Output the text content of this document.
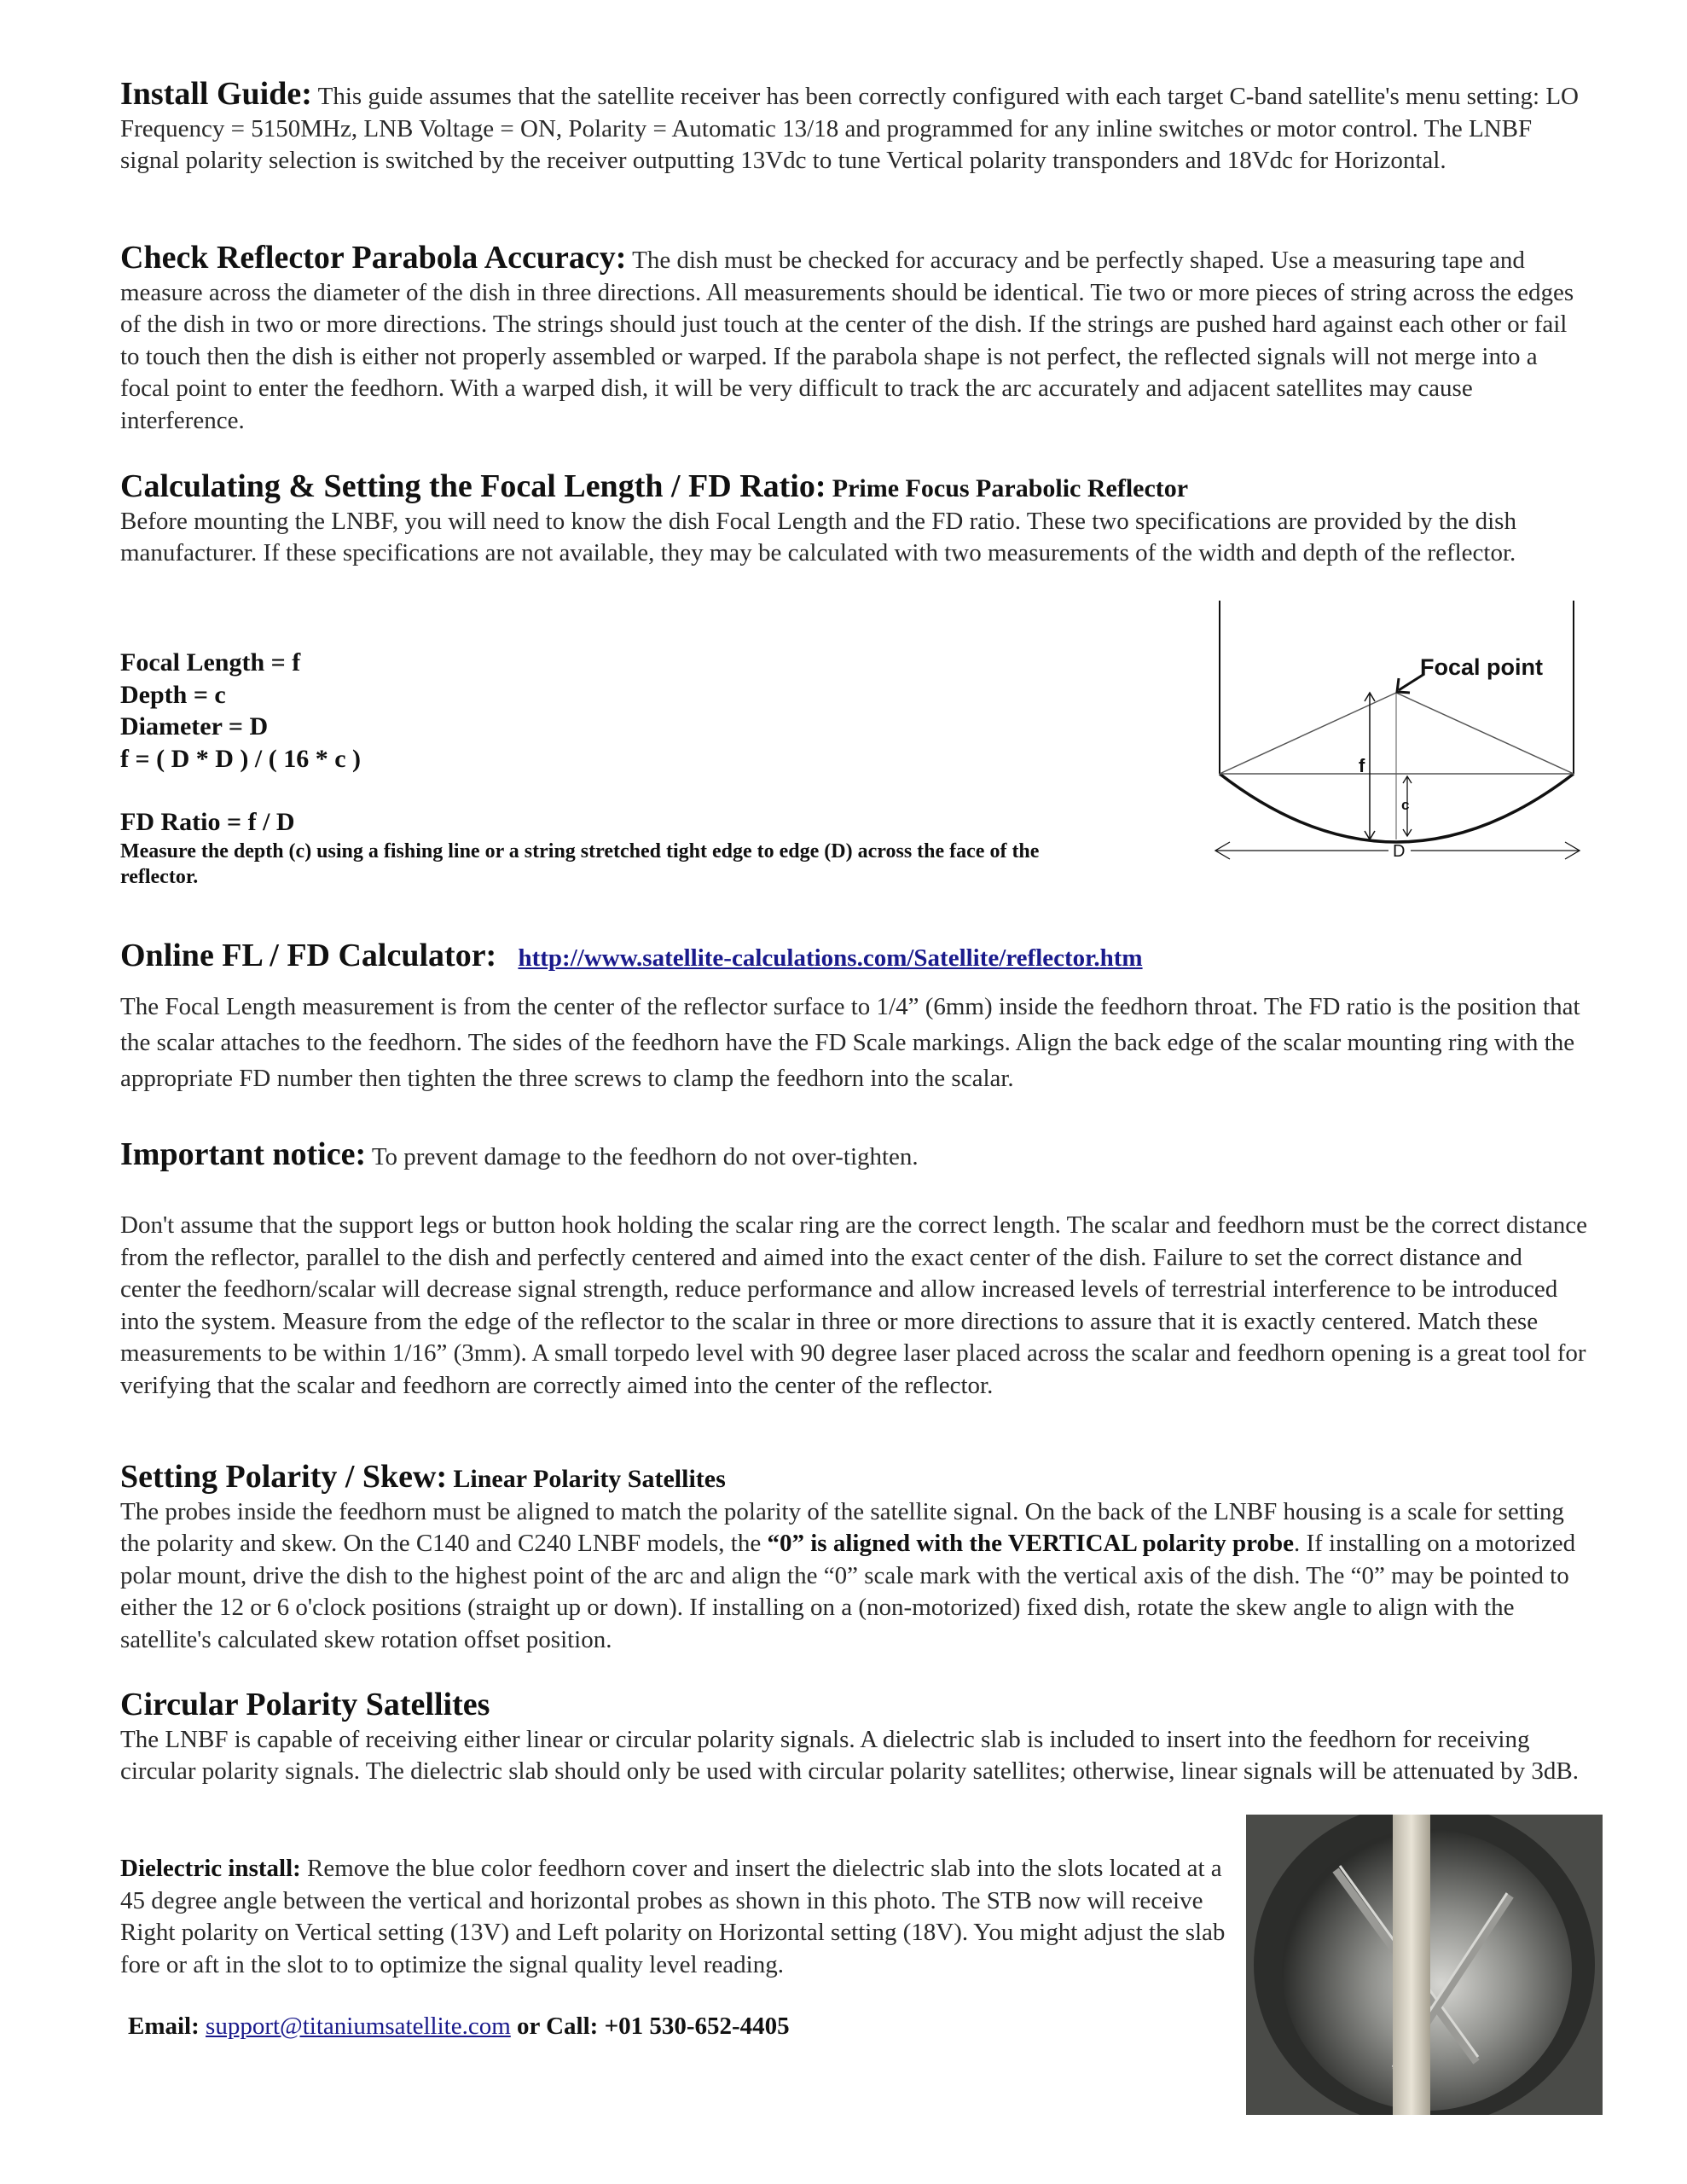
Install Guide: This guide assumes that the satellite receiver has been correctly configured with each target C-band satellite's menu setting: LO Frequency = 5150MHz, LNB Voltage = ON, Polarity = Automatic 13/18 and programmed for any inline switches or motor control. The LNBF signal polarity selection is switched by the receiver outputting 13Vdc to tune Vertical polarity transponders and 18Vdc for Horizontal.

Check Reflector Parabola Accuracy: The dish must be checked for accuracy and be perfectly shaped. Use a measuring tape and measure across the diameter of the dish in three directions. All measurements should be identical. Tie two or more pieces of string across the edges of the dish in two or more directions. The strings should just touch at the center of the dish. If the strings are pushed hard against each other or fail to touch then the dish is either not properly assembled or warped. If the parabola shape is not perfect, the reflected signals will not merge into a focal point to enter the feedhorn. With a warped dish, it will be very difficult to track the arc accurately and adjacent satellites may cause interference.

Calculating & Setting the Focal Length / FD Ratio: Prime Focus Parabolic Reflector

Before mounting the LNBF, you will need to know the dish Focal Length and the FD ratio. These two specifications are provided by the dish manufacturer. If these specifications are not available, they may be calculated with two measurements of the width and depth of the reflector.

Focal Length = f
Depth = c
Diameter = D
f = ( D * D ) / ( 16 * c )
FD Ratio = f / D
Measure the depth (c) using a fishing line or a string stretched tight edge to edge (D) across the face of the reflector.
f
c
D
Focal point
Online FL / FD Calculator: http://www.satellite-calculations.com/Satellite/reflector.htm

The Focal Length measurement is from the center of the reflector surface to 1/4” (6mm) inside the feedhorn throat. The FD ratio is the position that the scalar attaches to the feedhorn. The sides of the feedhorn have the FD Scale markings. Align the back edge of the scalar mounting ring with the appropriate FD number then tighten the three screws to clamp the feedhorn into the scalar.

Important notice: To prevent damage to the feedhorn do not over-tighten.

Don't assume that the support legs or button hook holding the scalar ring are the correct length. The scalar and feedhorn must be the correct distance from the reflector, parallel to the dish and perfectly centered and aimed into the exact center of the dish. Failure to set the correct distance and center the feedhorn/scalar will decrease signal strength, reduce performance and allow increased levels of terrestrial interference to be introduced into the system. Measure from the edge of the reflector to the scalar in three or more directions to assure that it is exactly centered. Match these measurements to be within 1/16” (3mm). A small torpedo level with 90 degree laser placed across the scalar and feedhorn opening is a great tool for verifying that the scalar and feedhorn are correctly aimed into the center of the reflector.

Setting Polarity / Skew: Linear Polarity Satellites

The probes inside the feedhorn must be aligned to match the polarity of the satellite signal. On the back of the LNBF housing is a scale for setting the polarity and skew. On the C140 and C240 LNBF models, the “0” is aligned with the VERTICAL polarity probe. If installing on a motorized polar mount, drive the dish to the highest point of the arc and align the “0” scale mark with the vertical axis of the dish. The “0” may be pointed to either the 12 or 6 o'clock positions (straight up or down). If installing on a (non-motorized) fixed dish, rotate the skew angle to align with the satellite's calculated skew rotation offset position.

Circular Polarity Satellites

The LNBF is capable of receiving either linear or circular polarity signals. A dielectric slab is included to insert into the feedhorn for receiving circular polarity signals. The dielectric slab should only be used with circular polarity satellites; otherwise, linear signals will be attenuated by 3dB.

Dielectric install: Remove the blue color feedhorn cover and insert the dielectric slab into the slots located at a 45 degree angle between the vertical and horizontal probes as shown in this photo. The STB now will receive Right polarity on Vertical setting (13V) and Left polarity on Horizontal setting (18V). You might adjust the slab fore or aft in the slot to to optimize the signal quality level reading.

Email: support@titaniumsatellite.com or Call: +01 530-652-4405
